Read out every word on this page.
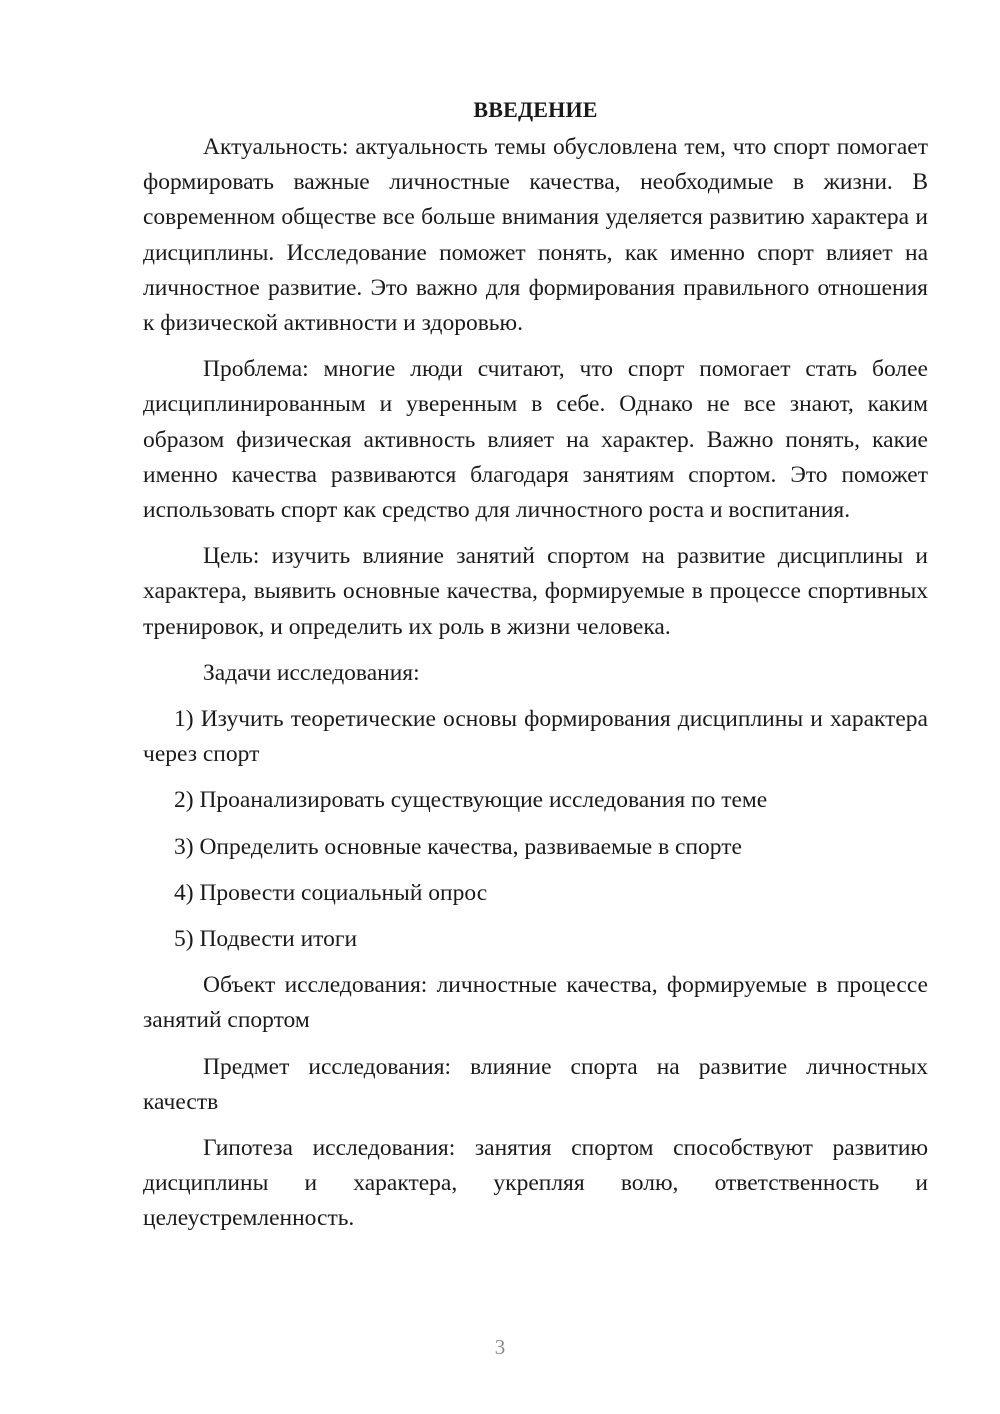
ВВЕДЕНИЕ

Актуальность: актуальность темы обусловлена тем, что спорт помогает формировать важные личностные качества, необходимые в жизни. В современном обществе все больше внимания уделяется развитию характера и дисциплины. Исследование поможет понять, как именно спорт влияет на личностное развитие. Это важно для формирования правильного отношения к физической активности и здоровью.

Проблема: многие люди считают, что спорт помогает стать более дисциплинированным и уверенным в себе. Однако не все знают, каким образом физическая активность влияет на характер. Важно понять, какие именно качества развиваются благодаря занятиям спортом. Это поможет использовать спорт как средство для личностного роста и воспитания.

Цель: изучить влияние занятий спортом на развитие дисциплины и характера, выявить основные качества, формируемые в процессе спортивных тренировок, и определить их роль в жизни человека.

Задачи исследования:

1) Изучить теоретические основы формирования дисциплины и характера через спорт

2) Проанализировать существующие исследования по теме

3) Определить основные качества, развиваемые в спорте

4) Провести социальный опрос

5) Подвести итоги

Объект исследования: личностные качества, формируемые в процессе занятий спортом

Предмет исследования: влияние спорта на развитие личностных качеств

Гипотеза исследования: занятия спортом способствуют развитию дисциплины и характера, укрепляя волю, ответственность и целеустремленность.

3
